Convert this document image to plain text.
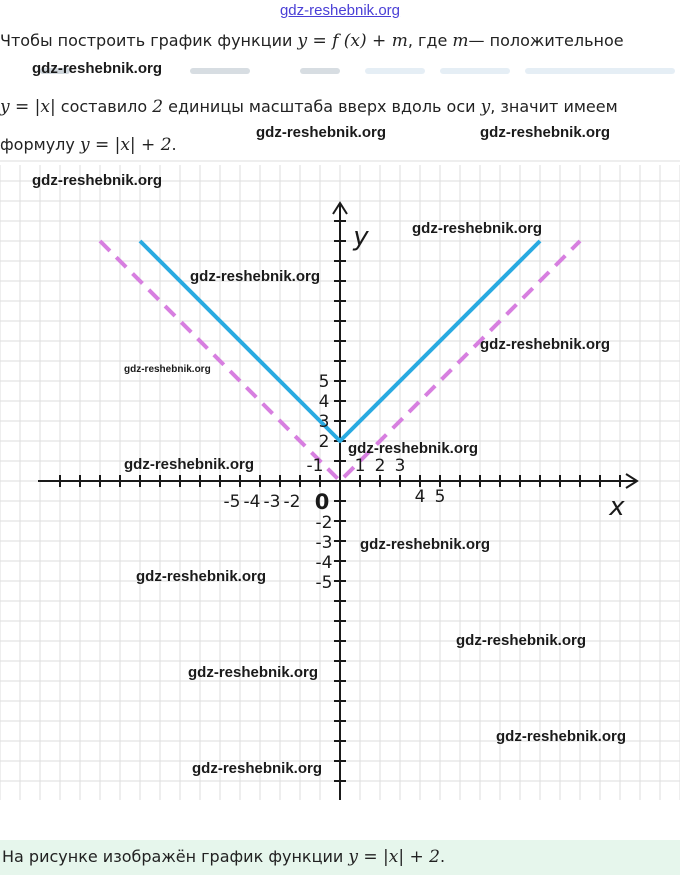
gdz-reshebnik.org
Чтобы построить график функции y = f (x) + m, где m— положительное
y = |x| составило 2 единицы масштаба вверх вдоль оси y, значит имеем
формулу y = |x| + 2.
-5 -4 -3 -2
-1 1 2 3
4 5
2
3
4
5
-2
-3
-4
-5
0	x
y
gdz-reshebnik.org
gdz-reshebnik.org	gdz-reshebnik.org
gdz-reshebnik.org
gdz-reshebnik.org
gdz-reshebnik.org
gdz-reshebnik.org
gdz-reshebnik.org
gdz-reshebnik.org
gdz-reshebnik.org
gdz-reshebnik.org
gdz-reshebnik.org
gdz-reshebnik.org
gdz-reshebnik.org
gdz-reshebnik.org
gdz-reshebnik.org
На рисунке изображён график функции y = |x| + 2.
